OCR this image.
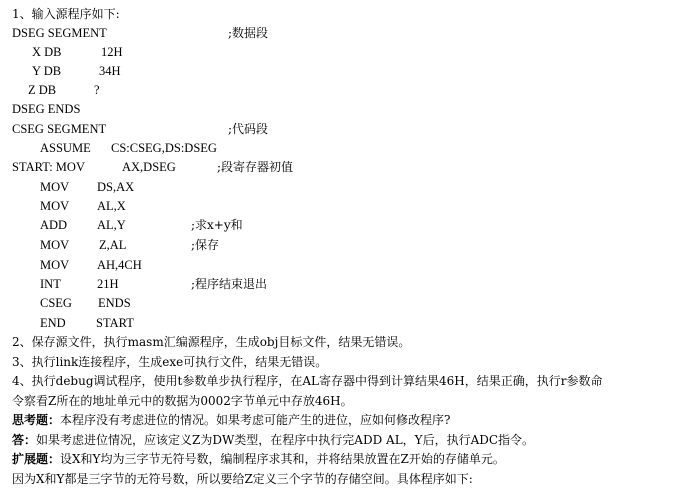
1、输入源程序如下:
DSEG SEGMENT	;数据段
X DB	12H
Y DB	34H
Z DB	?
DSEG ENDS
CSEG SEGMENT	;代码段
ASSUME CS:CSEG,DS:DSEG
START: MOV	AX,DSEG	;段寄存器初值
MOV DS,AX
MOV AL,X
ADD AL,Y	;求x+y和
MOV Z,AL	;保存
MOV AH,4CH
INT	21H	;程序结束退出
CSEG ENDS
END START
2、保存源文件，执行masm汇编源程序，生成obj目标文件，结果无错误。
3、执行link连接程序，生成exe可执行文件，结果无错误。
4、执行debug调试程序，使用t参数单步执行程序，在AL寄存器中得到计算结果46H，结果正确，执行r参数命
令察看Z所在的地址单元中的数据为0002字节单元中存放46H。
思考题：本程序没有考虑进位的情况。如果考虑可能产生的进位，应如何修改程序?
答：如果考虑进位情况，应该定义Z为DW类型，在程序中执行完ADD AL，Y后，执行ADC指令。
扩展题：设X和Y均为三字节无符号数，编制程序求其和，并将结果放置在Z开始的存储单元。
因为X和Y都是三字节的无符号数，所以要给Z定义三个字节的存储空间。具体程序如下:
